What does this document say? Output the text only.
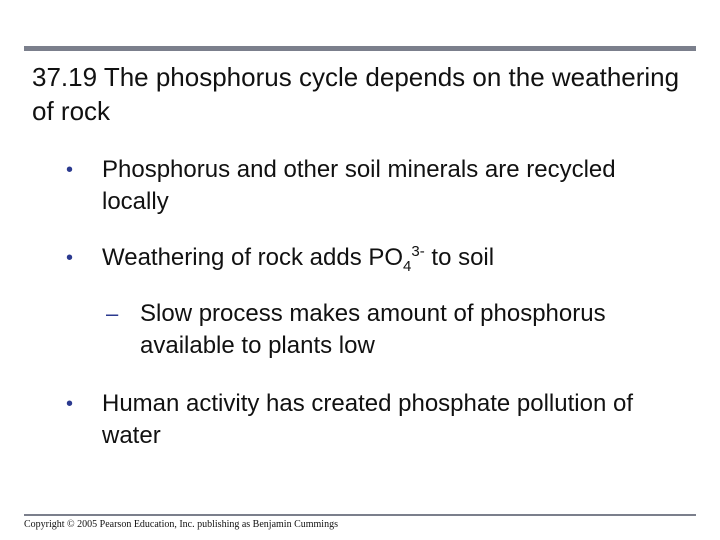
37.19 The phosphorus cycle depends on the weathering of rock
•	Phosphorus and other soil minerals are recycled locally
•	Weathering of rock adds $PO_4^{3-}$ to soil
– Slow process makes amount of phosphorus available to plants low
•	Human activity has created phosphate pollution of water
Copyright © 2005 Pearson Education, Inc. publishing as Benjamin Cummings
